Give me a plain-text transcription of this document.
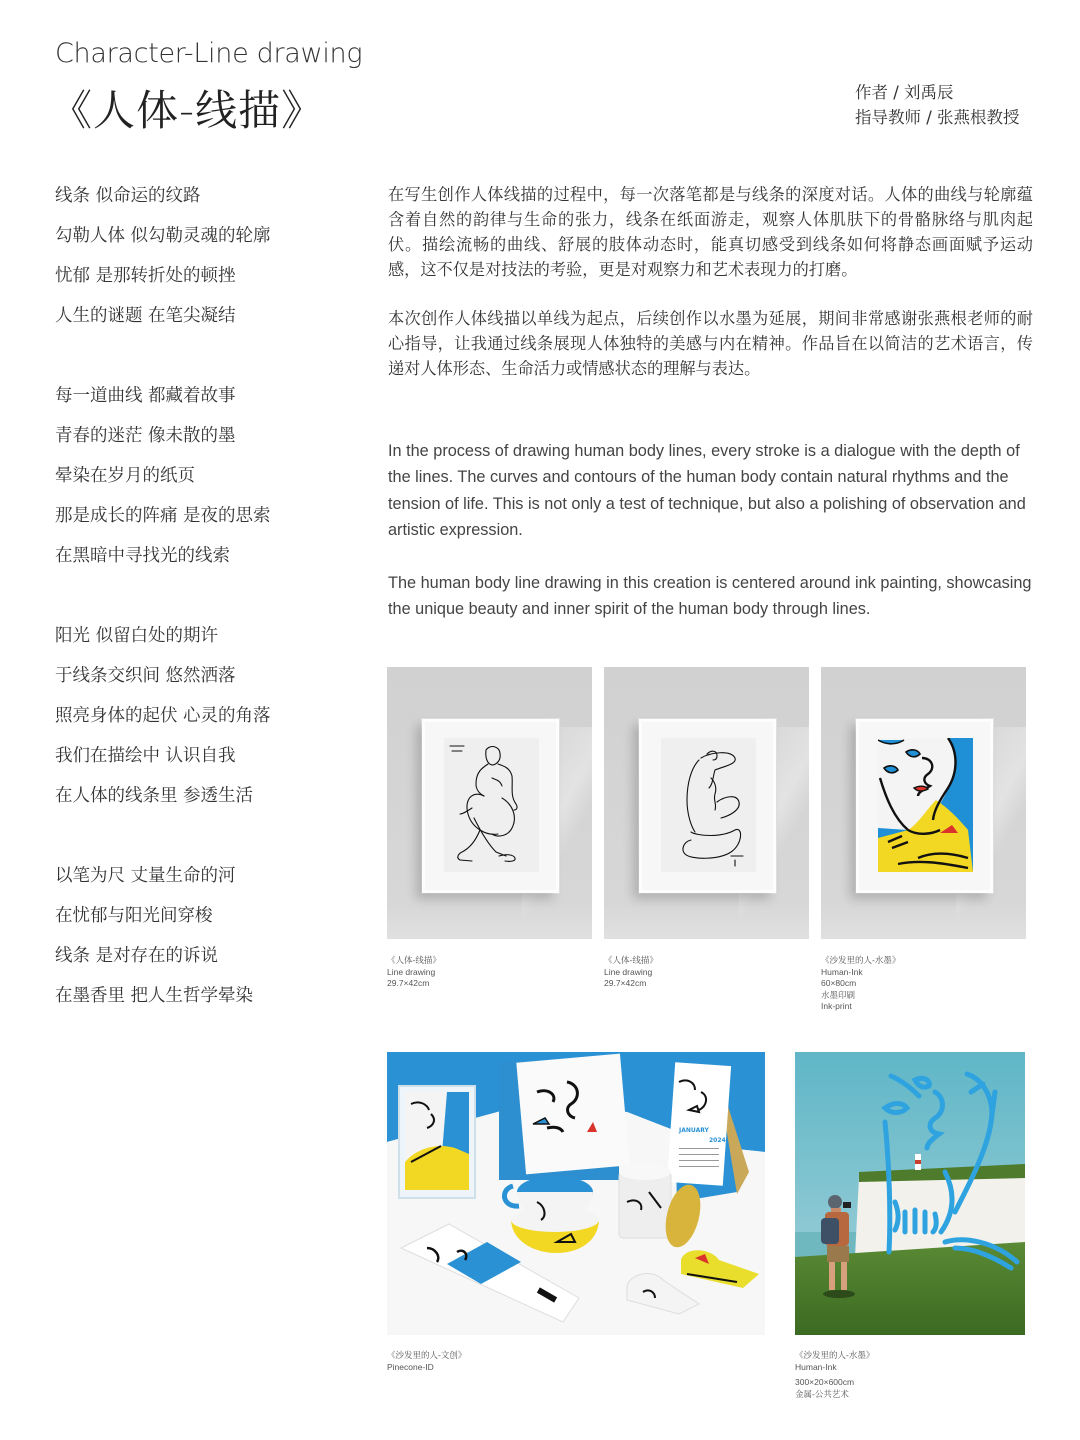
Character-Line drawing
《人体-线描》	作者 / 刘禹辰
指导教师 / 张燕根教授
线条 似命运的纹路
勾勒人体 似勾勒灵魂的轮廓
忧郁 是那转折处的顿挫
人生的谜题 在笔尖凝结
每一道曲线 都藏着故事
青春的迷茫 像未散的墨
晕染在岁月的纸页
那是成长的阵痛 是夜的思索
在黑暗中寻找光的线索
阳光 似留白处的期许
于线条交织间 悠然洒落
照亮身体的起伏 心灵的角落
我们在描绘中 认识自我
在人体的线条里 参透生活
以笔为尺 丈量生命的河
在忧郁与阳光间穿梭
线条 是对存在的诉说
在墨香里 把人生哲学晕染

在写生创作人体线描的过程中，每一次落笔都是与线条的深度对话。人体的曲线与轮廓蕴含着自然的韵律与生命的张力，线条在纸面游走，观察人体肌肤下的骨骼脉络与肌肉起伏。描绘流畅的曲线、舒展的肢体动态时，能真切感受到线条如何将静态画面赋予运动感，这不仅是对技法的考验，更是对观察力和艺术表现力的打磨。

本次创作人体线描以单线为起点，后续创作以水墨为延展，期间非常感谢张燕根老师的耐心指导，让我通过线条展现人体独特的美感与内在精神。作品旨在以简洁的艺术语言，传递对人体形态、生命活力或情感状态的理解与表达。

In the process of drawing human body lines, every stroke is a dialogue with the depth of the lines. The curves and contours of the human body contain natural rhythms and the tension of life. This is not only a test of technique, but also a polishing of observation and artistic expression.

The human body line drawing in this creation is centered around ink painting, showcasing the unique beauty and inner spirit of the human body through lines.

《人体-线描》
Line drawing
29.7×42cm
《人体-线描》
Line drawing
29.7×42cm
《沙发里的人-水墨》
Human-Ink
60×80cm
水墨印刷
Ink-print
JANUARY
2024
《沙发里的人-文创》
Pinecone-ID
《沙发里的人-水墨》
Human-Ink
300×20×600cm
金属-公共艺术
